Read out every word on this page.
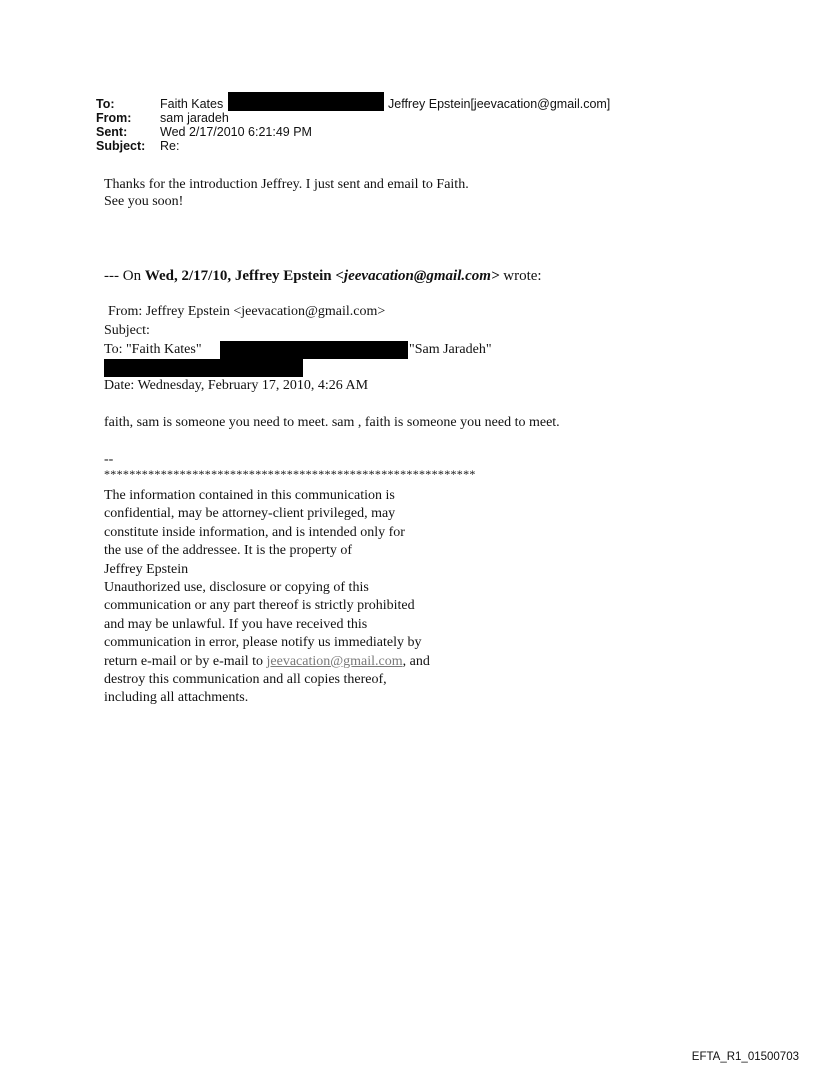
To:	Faith Kates	Jeffrey Epstein[jeevacation@gmail.com]
From: sam jaradeh
Sent:	Wed 2/17/2010 6:21:49 PM
Subject: Re:
Thanks for the introduction Jeffrey. I just sent and email to Faith.
See you soon!
--- On Wed, 2/17/10, Jeffrey Epstein <jeevacation@gmail.com> wrote:
From: Jeffrey Epstein <jeevacation@gmail.com>
Subject:
To: "Faith Kates"	"Sam Jaradeh"
Date: Wednesday, February 17, 2010, 4:26 AM
faith, sam is someone you need to meet. sam , faith is someone you need to meet.
--
***********************************************************
The information contained in this communication is
confidential, may be attorney-client privileged, may
constitute inside information, and is intended only for
the use of the addressee. It is the property of
Jeffrey Epstein
Unauthorized use, disclosure or copying of this
communication or any part thereof is strictly prohibited
and may be unlawful. If you have received this
communication in error, please notify us immediately by
return e-mail or by e-mail to jeevacation@gmail.com, and
destroy this communication and all copies thereof,
including all attachments.
EFTA_R1_01500703
